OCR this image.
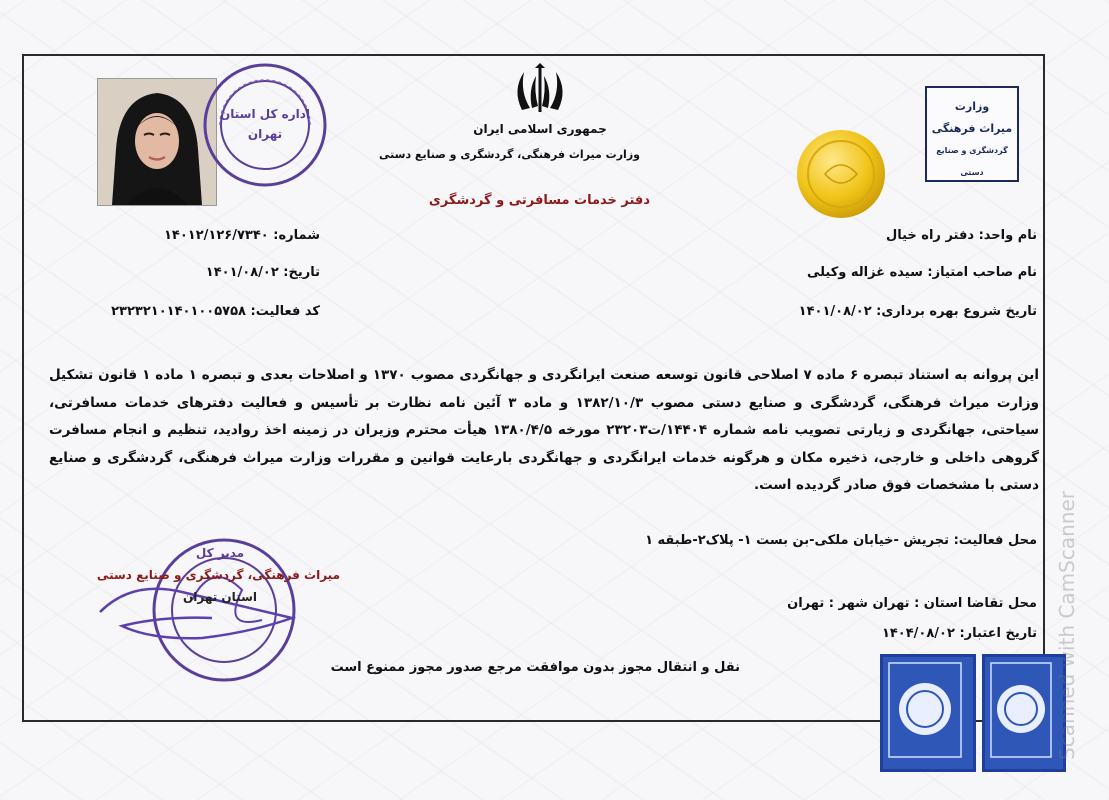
اداره کل استان
تهران	جمهوری اسلامی ایران
وزارت میراث فرهنگی، گردشگری و صنایع دستی
دفتر خدمات مسافرتی و گردشگری
وزارت
میراث فرهنگی
گردشگری و صنایع دستی
نام واحد: دفتر راه خیال
نام صاحب امتیاز: سیده غزاله وکیلی
تاریخ شروع بهره برداری: ۱۴۰۱/۰۸/۰۲
شماره: ۱۴۰۱۲/۱۲۶/۷۳۴۰
تاریخ: ۱۴۰۱/۰۸/۰۲
کد فعالیت: ۲۳۲۳۲۱۰۱۴۰۱۰۰۵۷۵۸
این پروانه به استناد تبصره ۶ ماده ۷ اصلاحی قانون توسعه صنعت ایرانگردی و جهانگردی مصوب ۱۳۷۰ و اصلاحات بعدی و تبصره ۱ ماده ۱ قانون تشکیل وزارت میراث فرهنگی، گردشگری و صنایع دستی مصوب ۱۳۸۲/۱۰/۳ و ماده ۳ آئین نامه نظارت بر تأسیس و فعالیت دفترهای خدمات مسافرتی، سیاحتی، جهانگردی و زیارتی تصویب نامه شماره ۱۴۴۰۴/ت۲۳۲۰۳ مورخه ۱۳۸۰/۴/۵ هیأت محترم وزیران در زمینه اخذ روادید، تنظیم و انجام مسافرت گروهی داخلی و خارجی، ذخیره مکان و هرگونه خدمات ایرانگردی و جهانگردی بارعایت قوانین و مقررات وزارت میراث فرهنگی، گردشگری و صنایع دستی با مشخصات فوق صادر گردیده است.
محل فعالیت: تجریش -خیابان ملکی-بن بست ۱- پلاک۲-طبقه ۱
محل تقاضا استان : تهران شهر : تهران
تاریخ اعتبار: ۱۴۰۴/۰۸/۰۲
مدیر کل
میراث فرهنگی، گردشگری و صنایع دستی
استان تهران
نقل و انتقال مجوز بدون موافقت مرجع صدور مجوز ممنوع است	Scanned with CamScanner
